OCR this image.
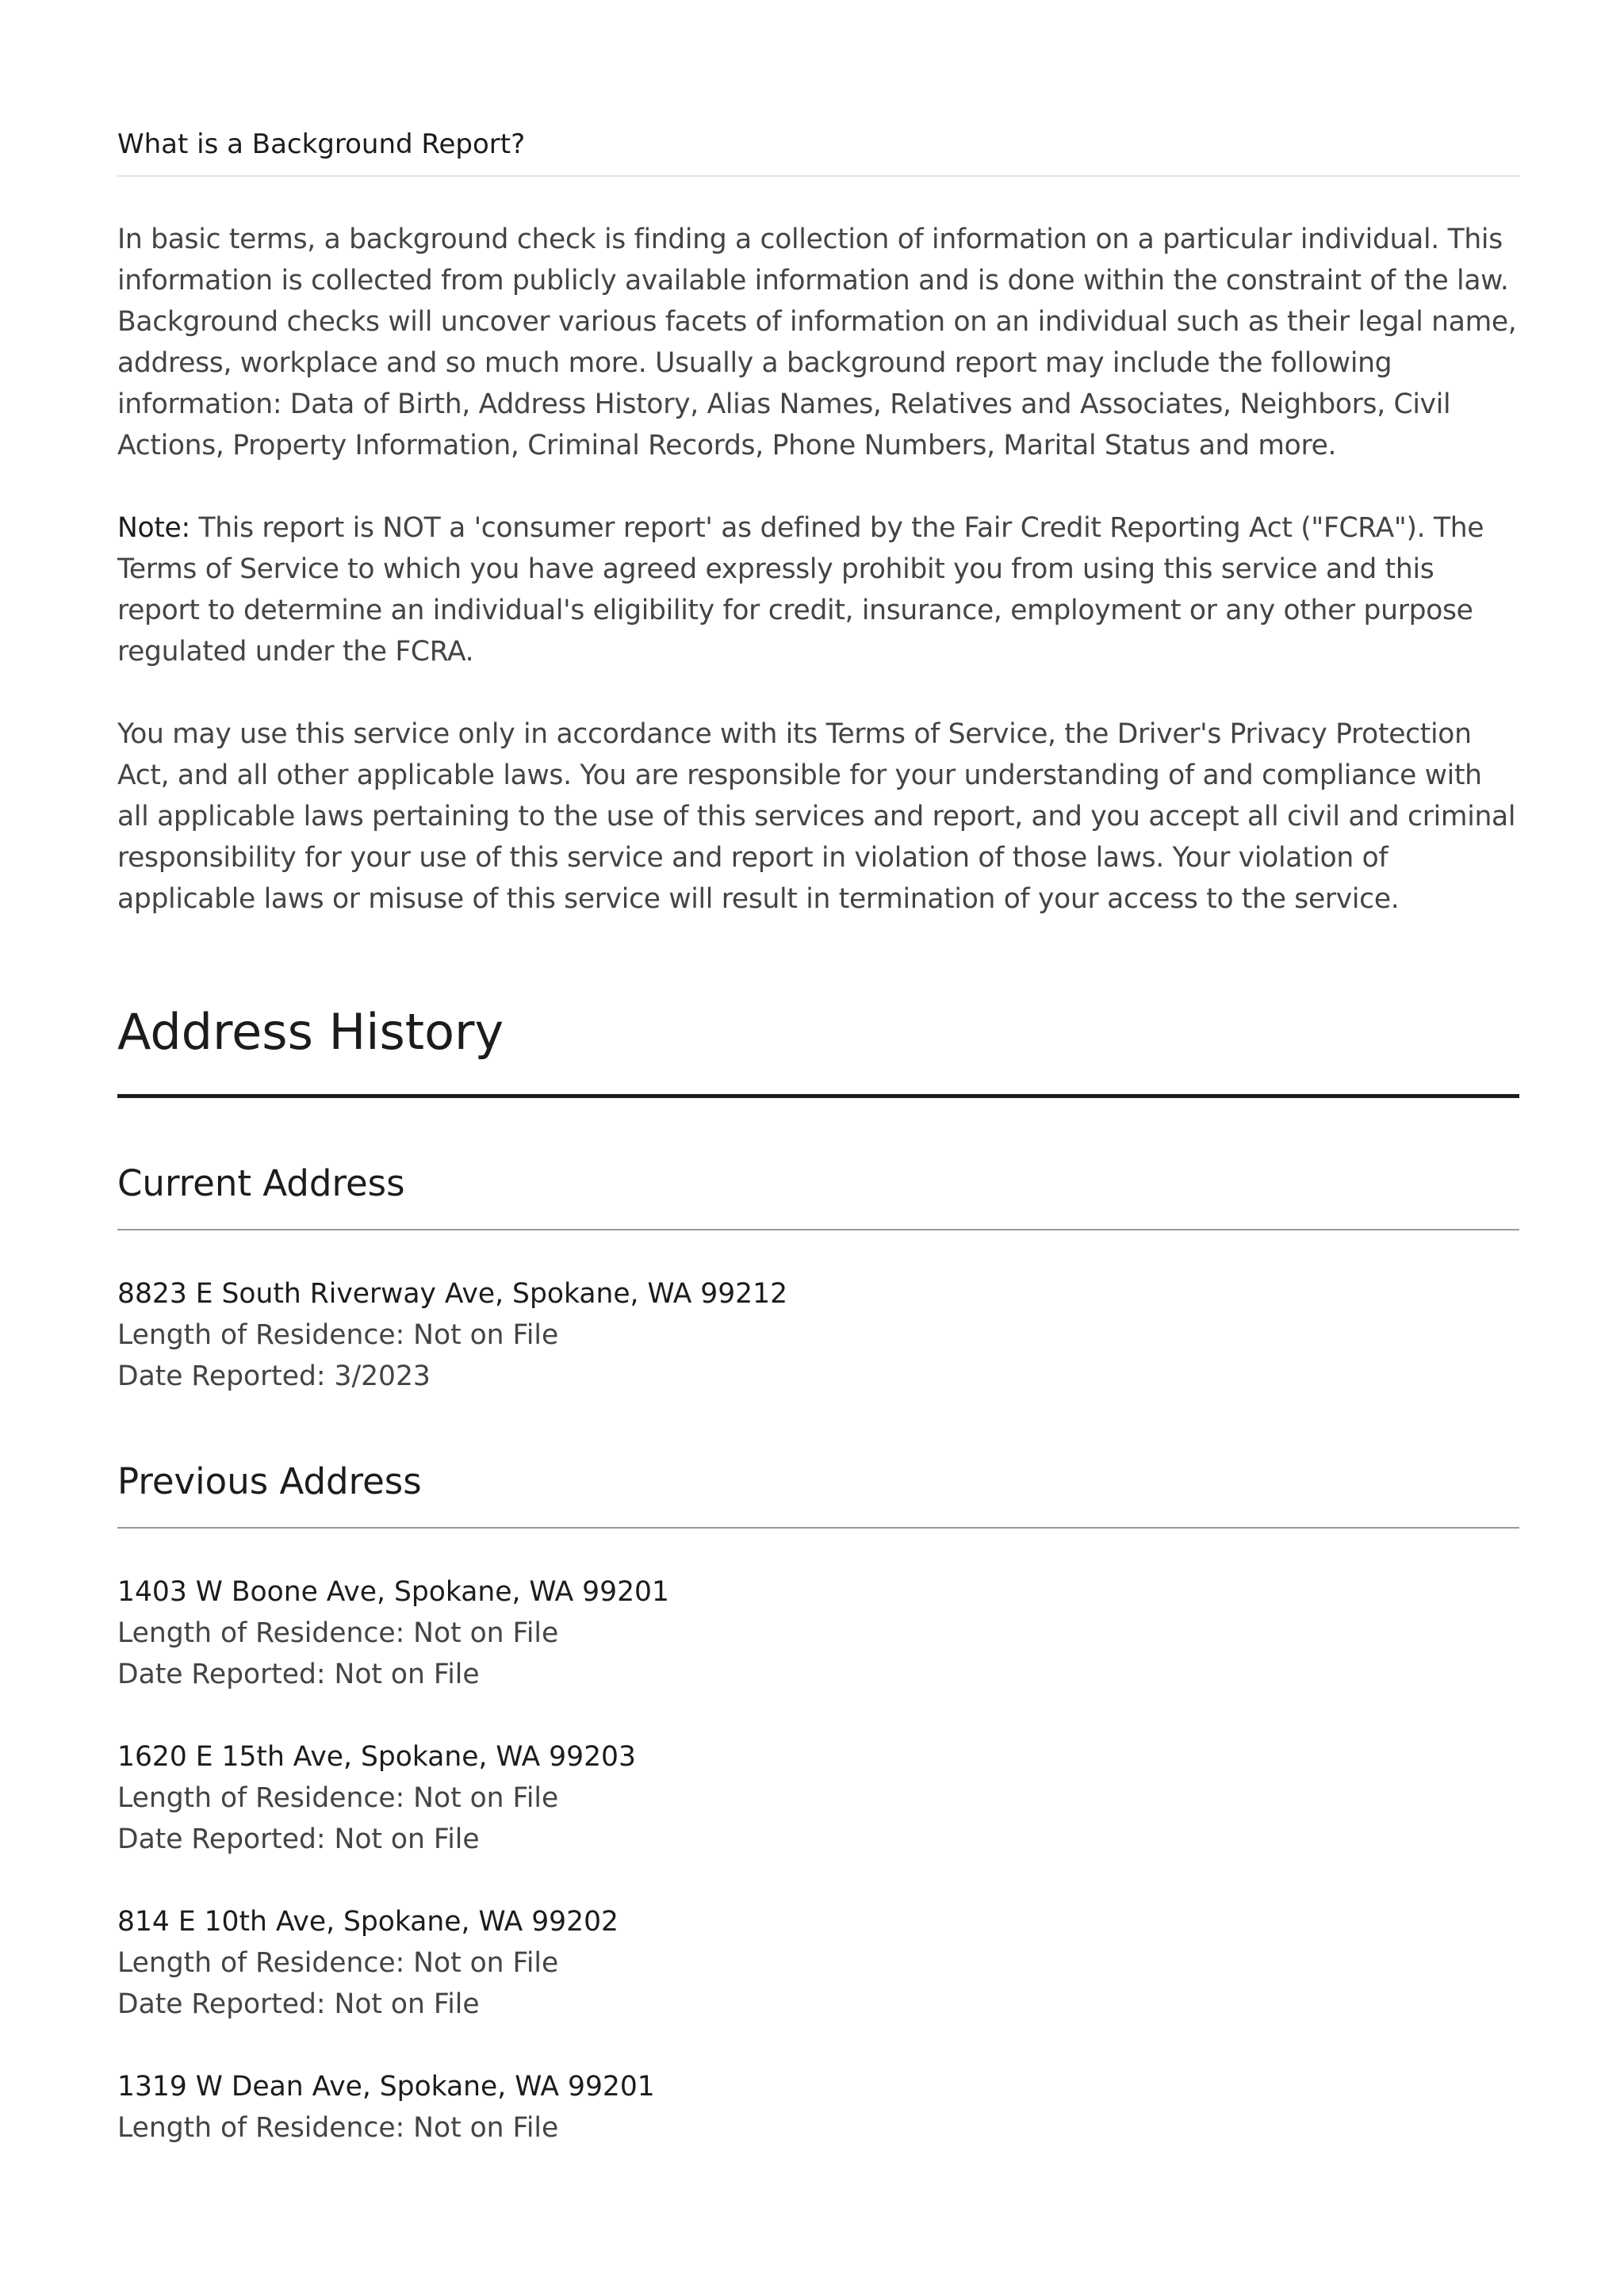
What is a Background Report?

In basic terms, a background check is finding a collection of information on a particular individual. This information is collected from publicly available information and is done within the constraint of the law. Background checks will uncover various facets of information on an individual such as their legal name, address, workplace and so much more. Usually a background report may include the following information: Data of Birth, Address History, Alias Names, Relatives and Associates, Neighbors, Civil Actions, Property Information, Criminal Records, Phone Numbers, Marital Status and more.

Note: This report is NOT a 'consumer report' as defined by the Fair Credit Reporting Act ("FCRA"). The Terms of Service to which you have agreed expressly prohibit you from using this service and this report to determine an individual's eligibility for credit, insurance, employment or any other purpose regulated under the FCRA.

You may use this service only in accordance with its Terms of Service, the Driver's Privacy Protection Act, and all other applicable laws. You are responsible for your understanding of and compliance with all applicable laws pertaining to the use of this services and report, and you accept all civil and criminal responsibility for your use of this service and report in violation of those laws. Your violation of applicable laws or misuse of this service will result in termination of your access to the service.

Address History
Current Address
8823 E South Riverway Ave, Spokane, WA 99212
Length of Residence: Not on File
Date Reported: 3/2023
Previous Address
1403 W Boone Ave, Spokane, WA 99201
Length of Residence: Not on File
Date Reported: Not on File
1620 E 15th Ave, Spokane, WA 99203
Length of Residence: Not on File
Date Reported: Not on File
814 E 10th Ave, Spokane, WA 99202
Length of Residence: Not on File
Date Reported: Not on File
1319 W Dean Ave, Spokane, WA 99201
Length of Residence: Not on File
